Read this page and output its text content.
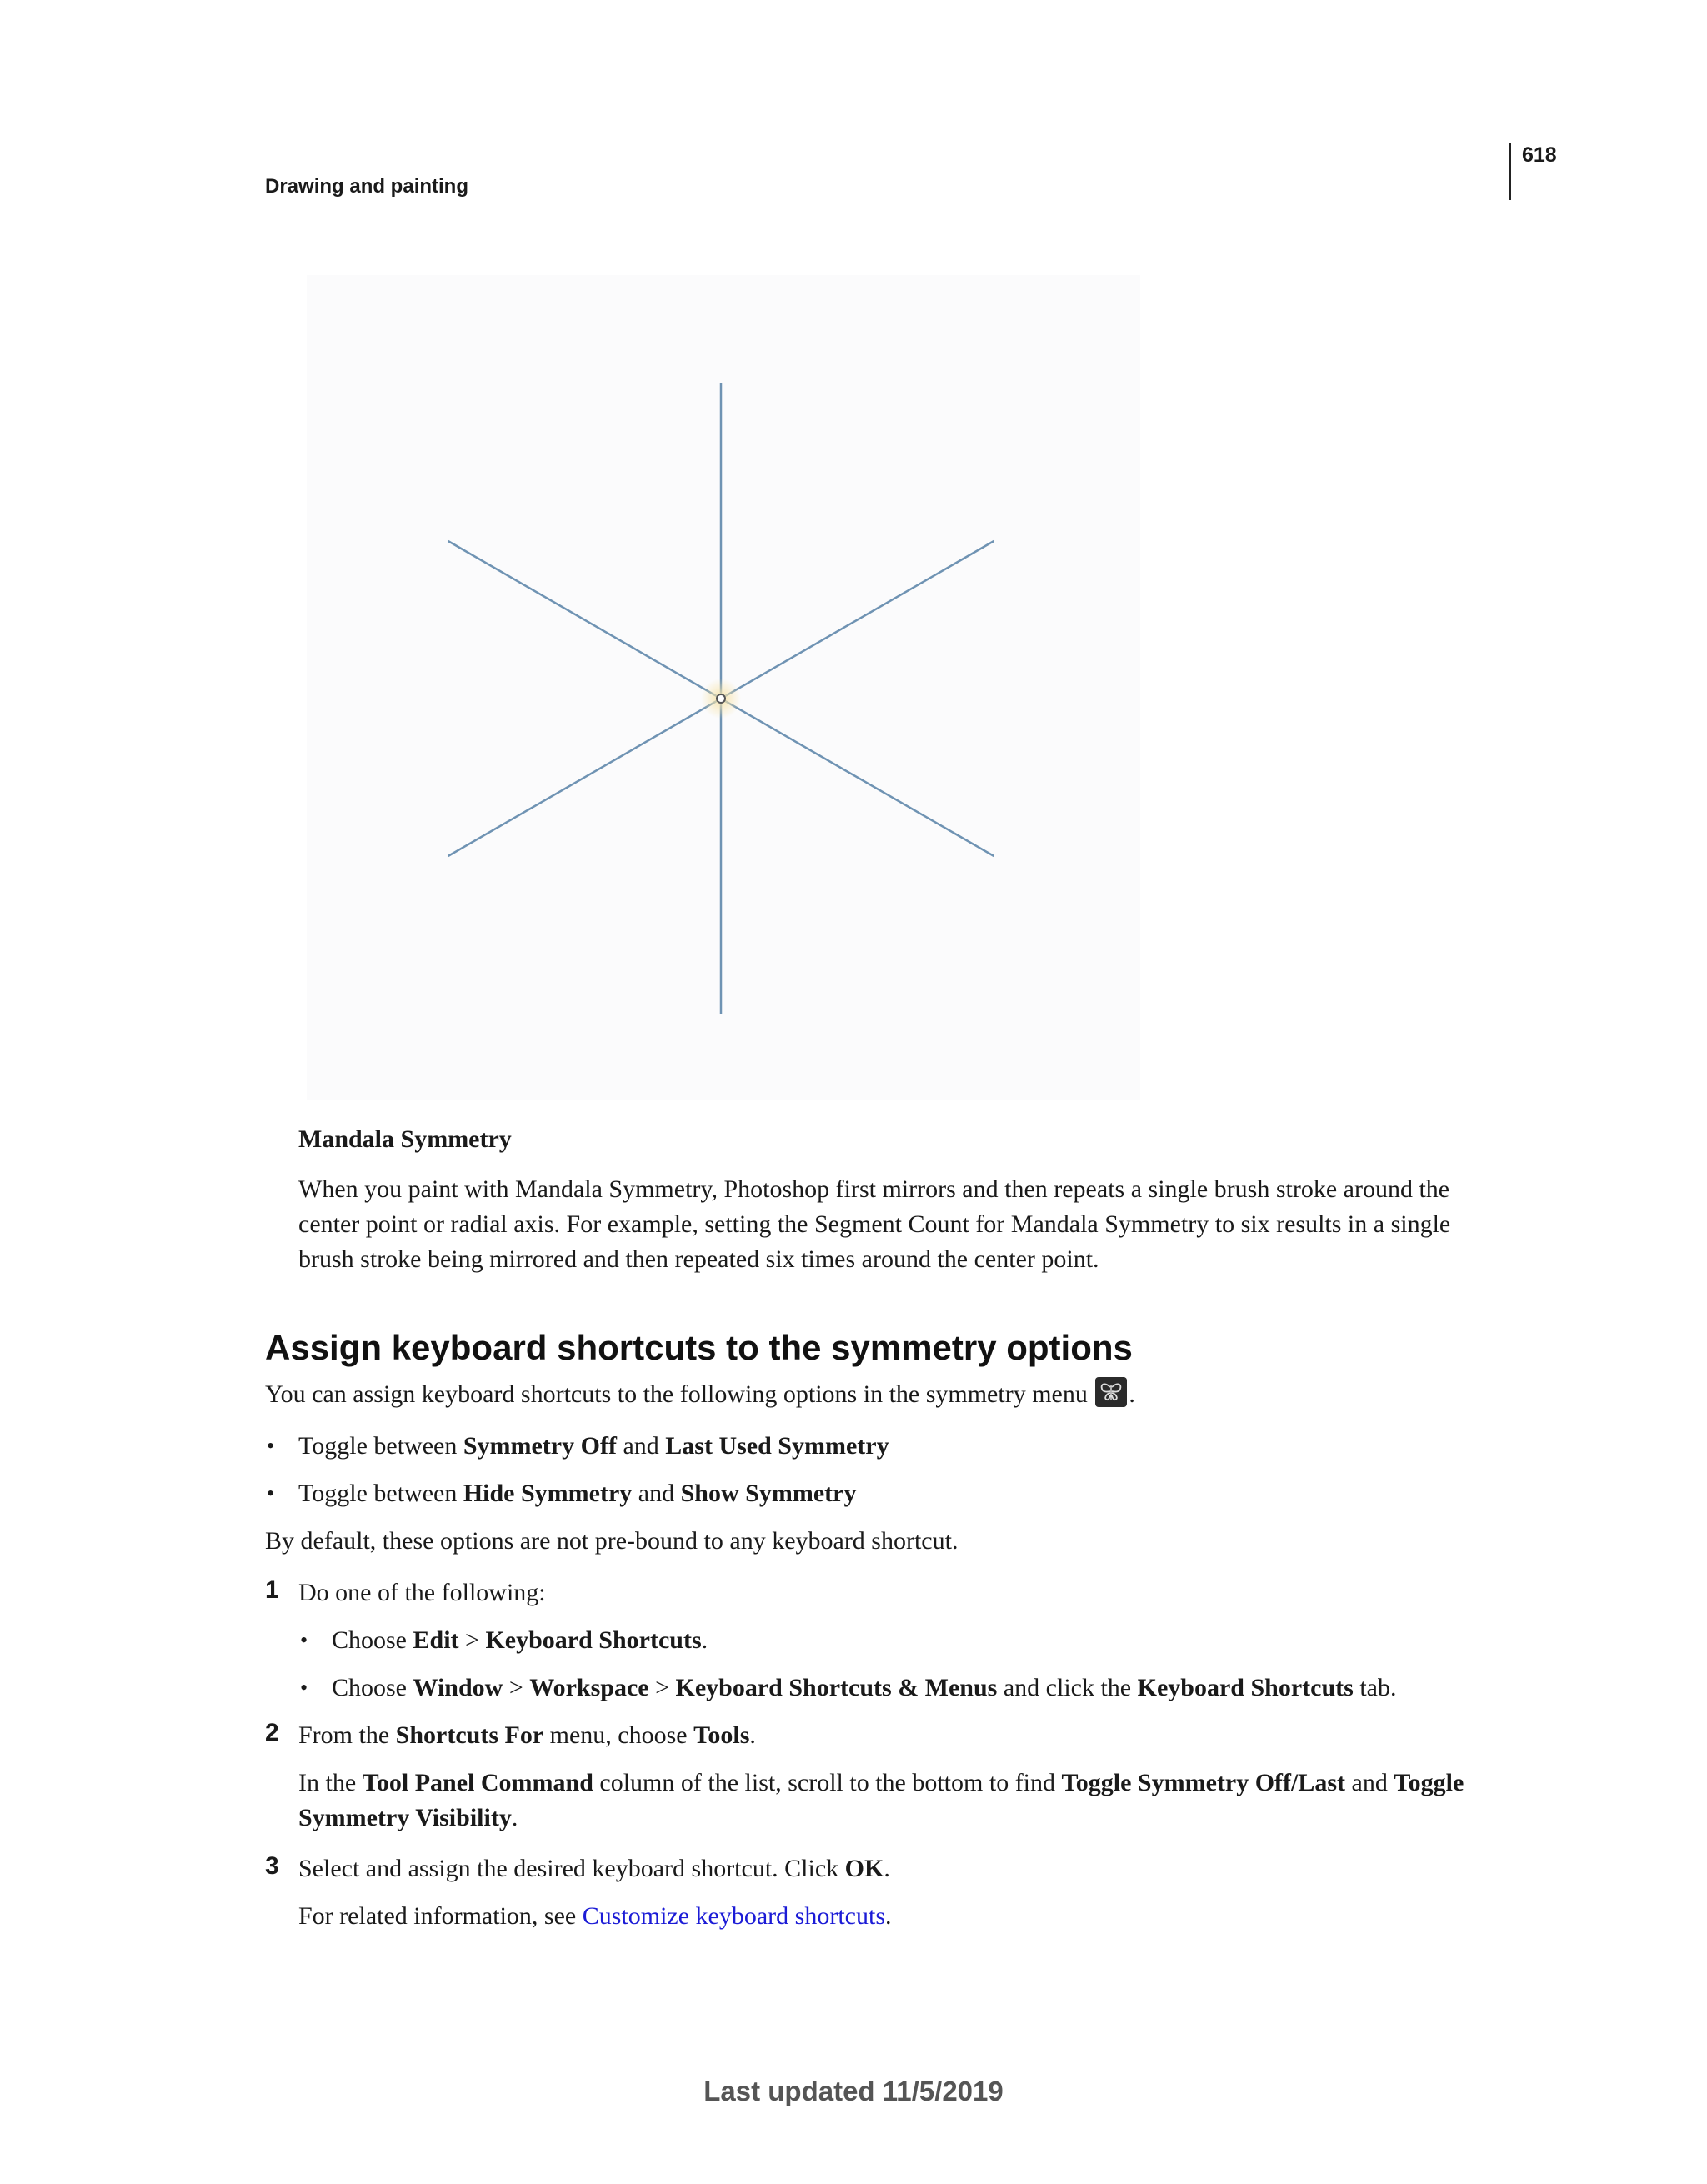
618
Drawing and painting
Mandala Symmetry
When you paint with Mandala Symmetry, Photoshop first mirrors and then repeats a single brush stroke around the center point or radial axis. For example, setting the Segment Count for Mandala Symmetry to six results in a single brush stroke being mirrored and then repeated six times around the center point.
Assign keyboard shortcuts to the symmetry options
You can assign keyboard shortcuts to the following options in the symmetry menu .
• Toggle between Symmetry Off and Last Used Symmetry
• Toggle between Hide Symmetry and Show Symmetry
By default, these options are not pre-bound to any keyboard shortcut.
1 Do one of the following:
• Choose Edit > Keyboard Shortcuts.
• Choose Window > Workspace > Keyboard Shortcuts & Menus and click the Keyboard Shortcuts tab.
2 From the Shortcuts For menu, choose Tools.
In the Tool Panel Command column of the list, scroll to the bottom to find Toggle Symmetry Off/Last and Toggle
Symmetry Visibility.
3 Select and assign the desired keyboard shortcut. Click OK.
For related information, see Customize keyboard shortcuts.
Last updated 11/5/2019
